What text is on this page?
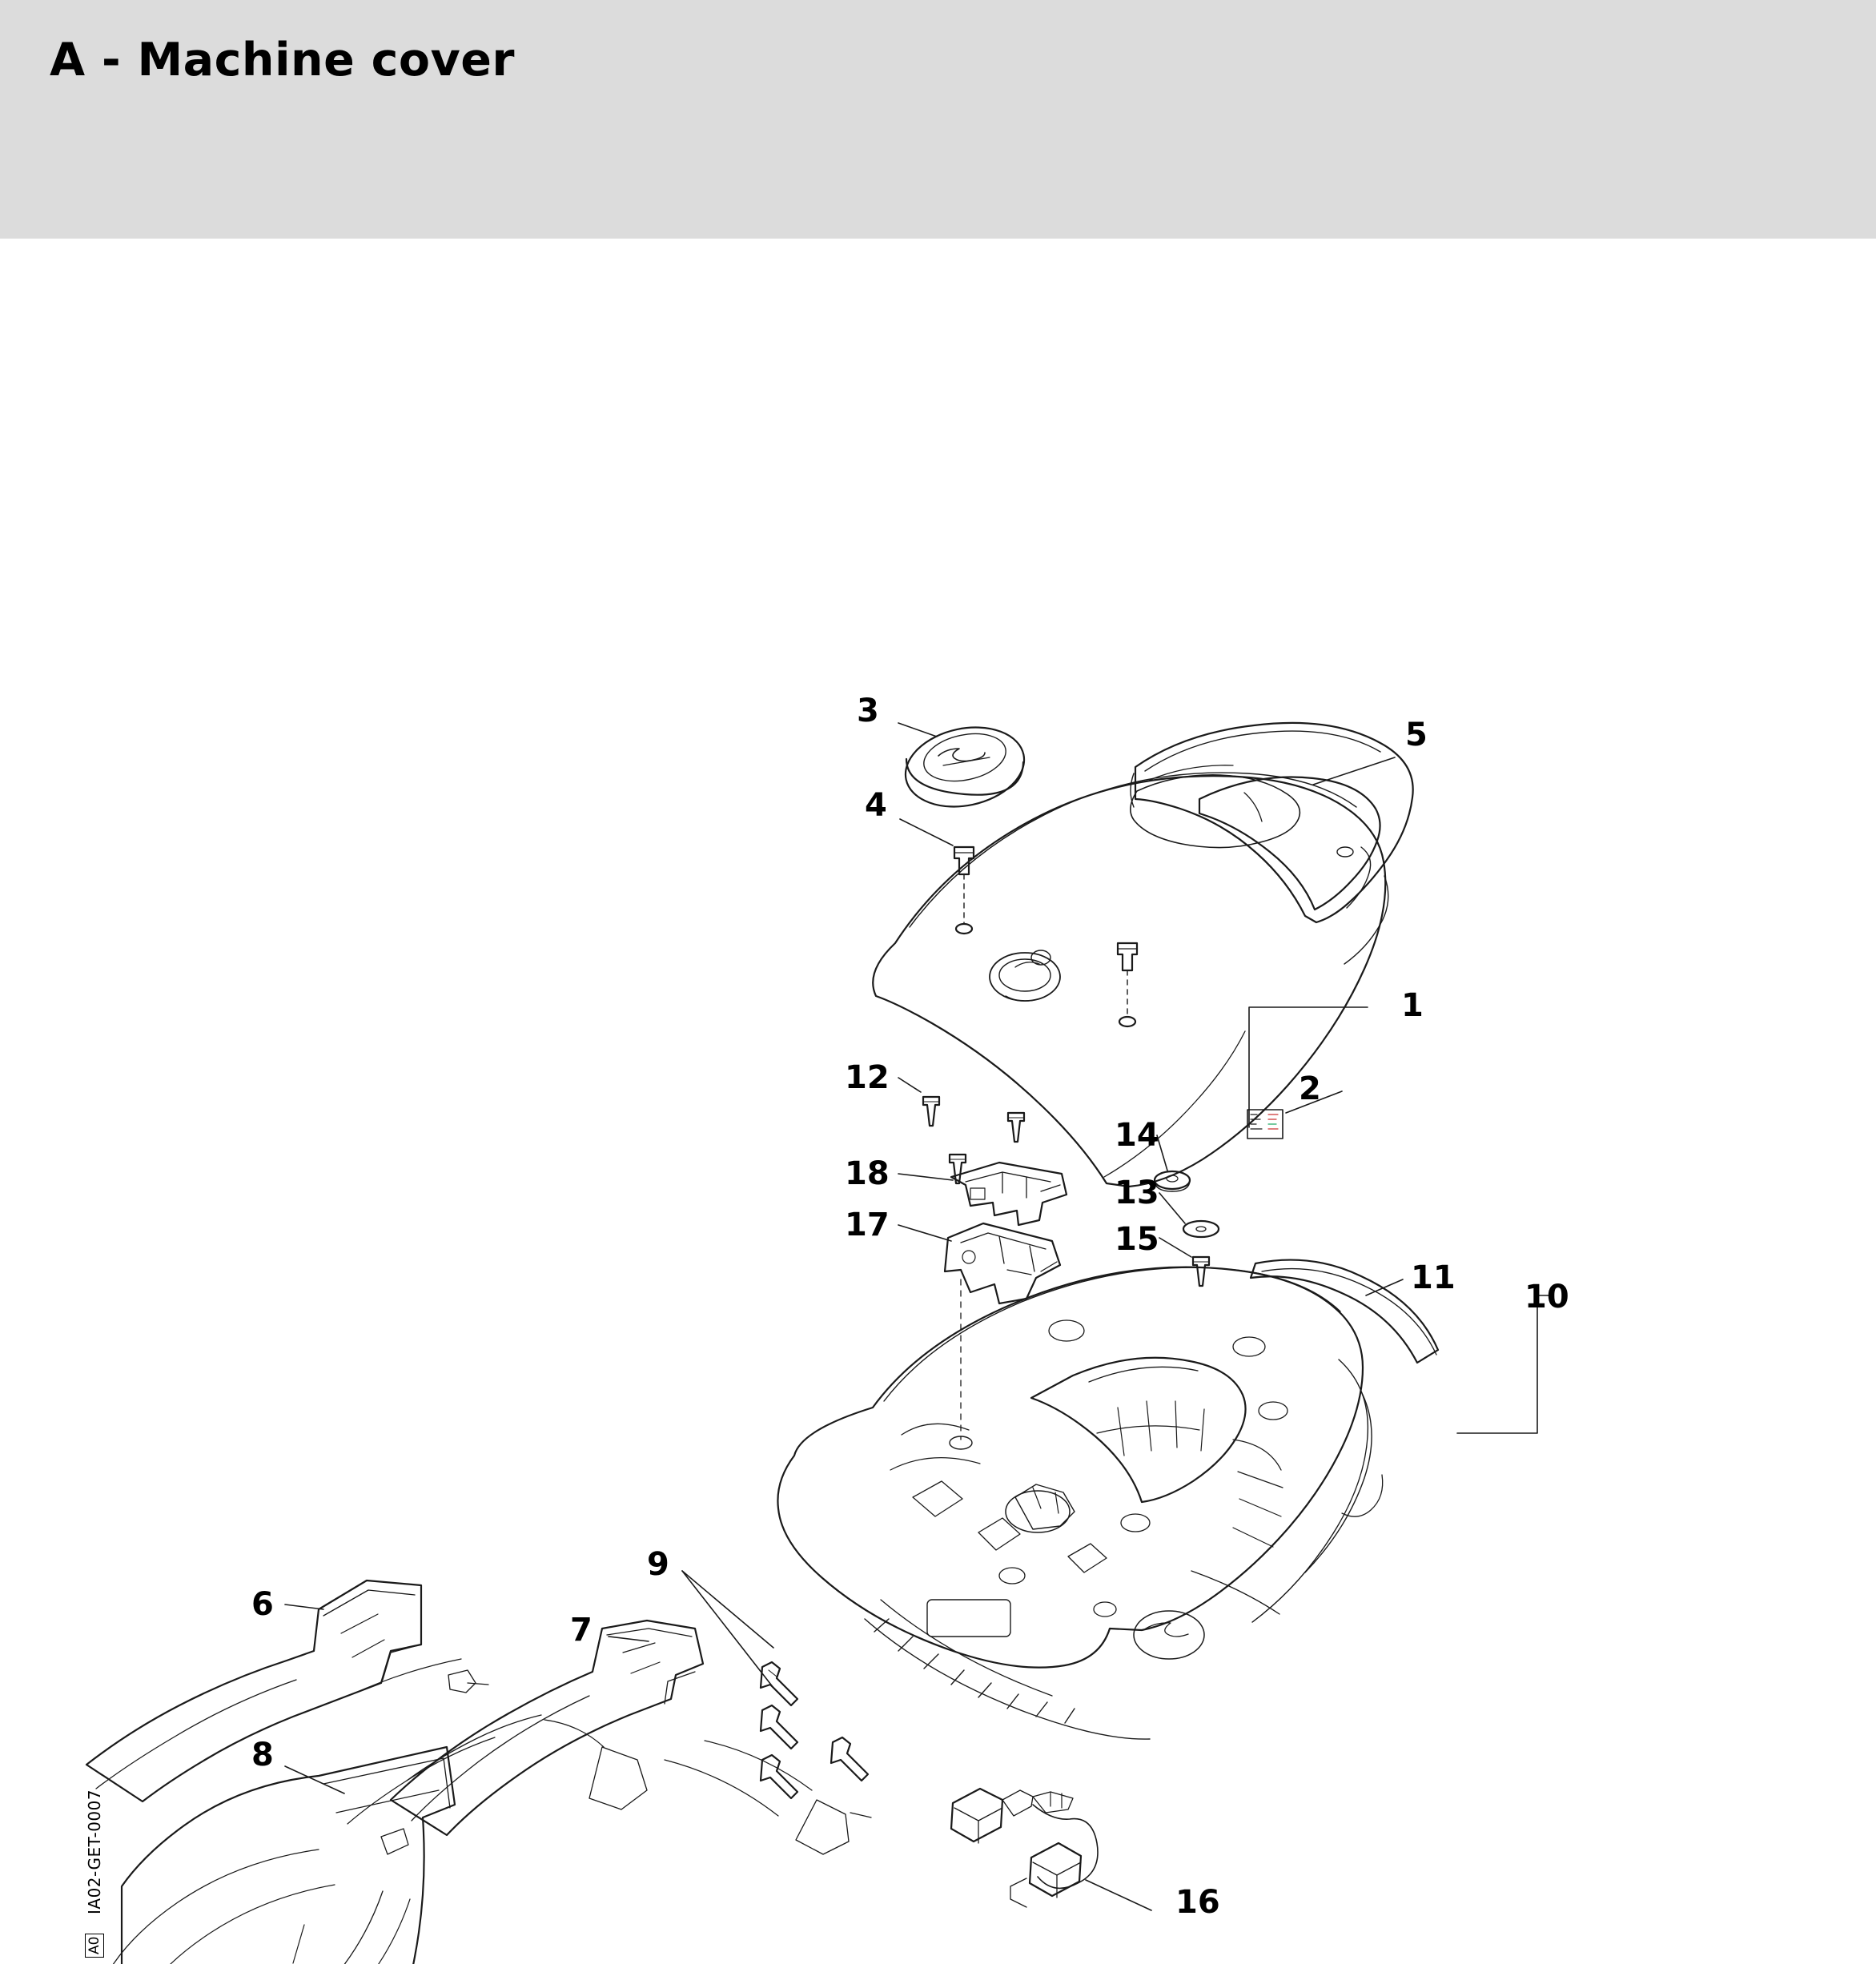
A - Machine cover
3
5
4
1
12	2
14
18
13
17	15
11
10
9
6
7
8
16
IA02-GET-0007
A0
